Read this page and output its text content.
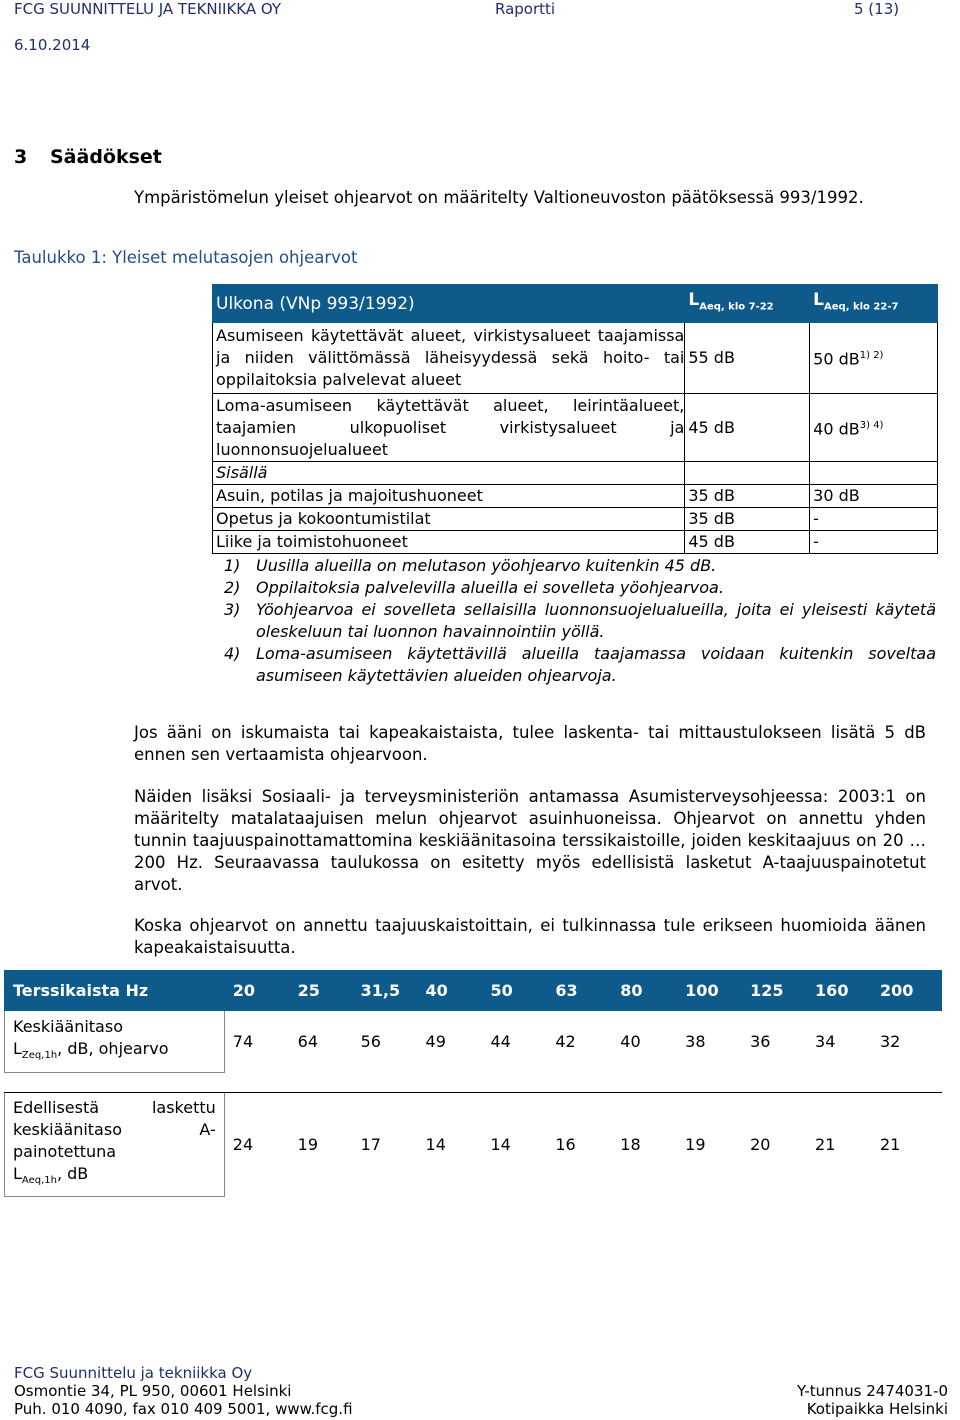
FCG SUUNNITTELU JA TEKNIIKKA OY	Raportti	5 (13)
6.10.2014
3 Säädökset
Ympäristömelun yleiset ohjearvot on määritelty Valtioneuvoston päätöksessä 993/1992.
Taulukko 1: Yleiset melutasojen ohjearvot
Ulkona (VNp 993/1992)	$L_{Aeq, klo 7-22}$	$L_{Aeq, klo 22-7}$
Asumiseen käytettävät alueet, virkistysalueet taajamissa ja niiden välittömässä läheisyydessä sekä hoito- tai oppilaitoksia palvelevat alueet	55 dB	50 $dB^{1) 2)}$
Loma-asumiseen käytettävät alueet, leirintäalueet, taajamien ulkopuoliset virkistysalueet ja luonnonsuojelualueet	45 dB	40 $dB^{3) 4)}$
Sisällä		
Asuin, potilas ja majoitushuoneet	35 dB	30 dB
Opetus ja kokoontumistilat	35 dB	-
Liike ja toimistohuoneet	45 dB	-
1) Uusilla alueilla on melutason yöohjearvo kuitenkin 45 dB.
2) Oppilaitoksia palvelevilla alueilla ei sovelleta yöohjearvoa.
3) Yöohjearvoa ei sovelleta sellaisilla luonnonsuojelualueilla, joita ei yleisesti käytetä oleskeluun tai luonnon havainnointiin yöllä.
4) Loma-asumiseen käytettävillä alueilla taajamassa voidaan kuitenkin soveltaa asumiseen käytettävien alueiden ohjearvoja.
Jos ääni on iskumaista tai kapeakaistaista, tulee laskenta- tai mittaustulokseen lisätä 5 dB ennen sen vertaamista ohjearvoon.
Näiden lisäksi Sosiaali- ja terveysministeriön antamassa Asumisterveysohjeessa: 2003:1 on määritelty matalataajuisen melun ohjearvot asuinhuoneissa. Ohjearvot on annettu yhden tunnin taajuuspainottamattomina keskiäänitasoina terssikaistoille, joiden keskitaajuus on 20 … 200 Hz. Seuraavassa taulukossa on esitetty myös edellisistä lasketut A-taajuuspainotetut arvot.
Koska ohjearvot on annettu taajuuskaistoittain, ei tulkinnassa tule erikseen huomioida äänen kapeakaistaisuutta.
Terssikaista Hz	20	25	31,5	40	50	63	80	100	125	160	200

Keskiäänitaso
$L_{Zeq,1h}$, dB, ohjearvo	74	64	56	49	44	42	40	38	36	34	32

Edellisestä laskettu keskiäänitaso A-painotettuna
$L_{Aeq,1h}$, dB	24	19	17	14	14	16	18	19	20	21	21
FCG Suunnittelu ja tekniikka Oy
Osmontie 34, PL 950, 00601 Helsinki
Puh. 010 4090, fax 010 409 5001, www.fcg.fi
Y-tunnus 2474031-0
Kotipaikka Helsinki
